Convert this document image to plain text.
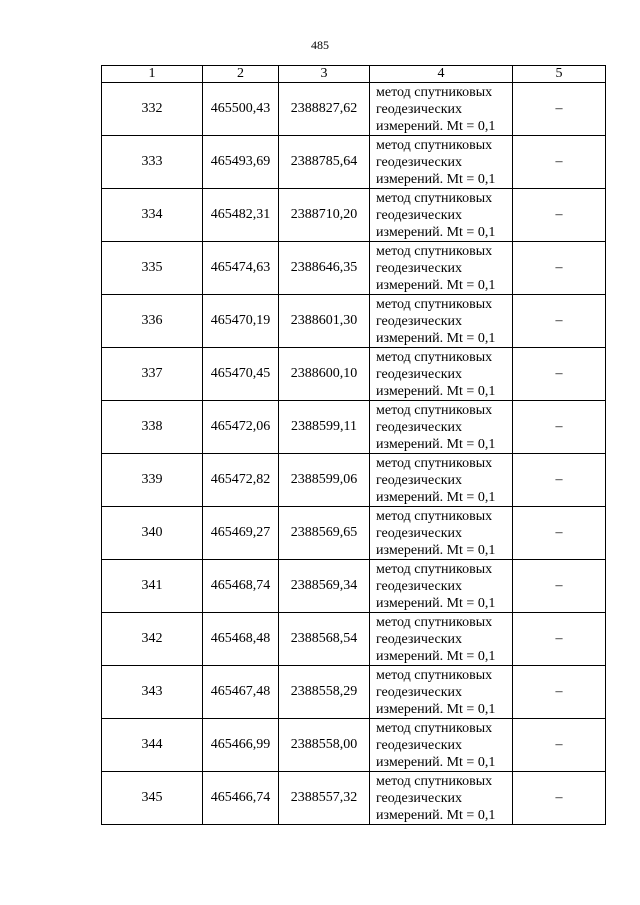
485
1	2	3	4	5
332	465500,43	2388827,62	метод спутниковых
геодезических
измерений. Mt = 0,1	–
333	465493,69	2388785,64	метод спутниковых
геодезических
измерений. Mt = 0,1	–
334	465482,31	2388710,20	метод спутниковых
геодезических
измерений. Mt = 0,1	–
335	465474,63	2388646,35	метод спутниковых
геодезических
измерений. Mt = 0,1	–
336	465470,19	2388601,30	метод спутниковых
геодезических
измерений. Mt = 0,1	–
337	465470,45	2388600,10	метод спутниковых
геодезических
измерений. Mt = 0,1	–
338	465472,06	2388599,11	метод спутниковых
геодезических
измерений. Mt = 0,1	–
339	465472,82	2388599,06	метод спутниковых
геодезических
измерений. Mt = 0,1	–
340	465469,27	2388569,65	метод спутниковых
геодезических
измерений. Mt = 0,1	–
341	465468,74	2388569,34	метод спутниковых
геодезических
измерений. Mt = 0,1	–
342	465468,48	2388568,54	метод спутниковых
геодезических
измерений. Mt = 0,1	–
343	465467,48	2388558,29	метод спутниковых
геодезических
измерений. Mt = 0,1	–
344	465466,99	2388558,00	метод спутниковых
геодезических
измерений. Mt = 0,1	–
345	465466,74	2388557,32	метод спутниковых
геодезических
измерений. Mt = 0,1	–
